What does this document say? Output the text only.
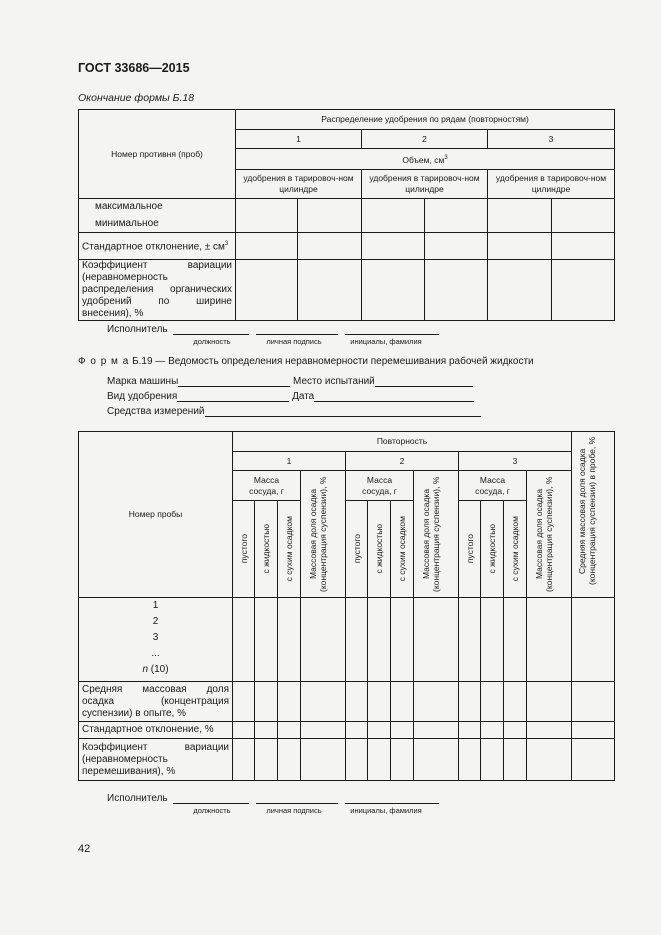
ГОСТ 33686—2015
Окончание формы Б.18
Номер противня (проб)	Распределение удобрения по рядам (повторностям)					
	1		2		3	
	Объем, $см^3$
	удобрения в тарировоч-ном цилиндре		удобрения в тарировоч-ном цилиндре		удобрения в тарировоч-ном цилиндре	

максимальное
минимальное						

Стандартное отклонение, ± $см^3$						
Коэффициент вариации (неравномерность распределения органических удобрений по ширине внесения), %						
Исполнитель
должность	личная подпись	инициалы, фамилия
Ф о р м а Б.19 — Ведомость определения неравномерности перемешивания рабочей жидкости
Марка машины	Место испытаний
Вид удобрения	Дата
Средства измерений
Номер пробы	Повторность												Средняя массовая доля осадка (концентрация суспензии) в пробе, %

	1				2				3				
	Масса сосуда, г			Массовая доля осадка (концентрация суспензии), %	Масса сосуда, г			Массовая доля осадка (концентрация суспензии), %	Масса сосуда, г			Массовая доля осадка (концентрация суспензии), %	

	пустого	с жидкостью	с сухим осадком		пустого	с жидкостью	с сухим осадком		пустого	с жидкостью	с сухим осадком		

1
2
3
...
n (10)													

Средняя массовая доля осадка (концентрация суспензии) в опыте, %													
Стандартное отклонение, %													
Коэффициент вариации (неравномерность перемешивания), %													
Исполнитель
должность	личная подпись	инициалы, фамилия
42
